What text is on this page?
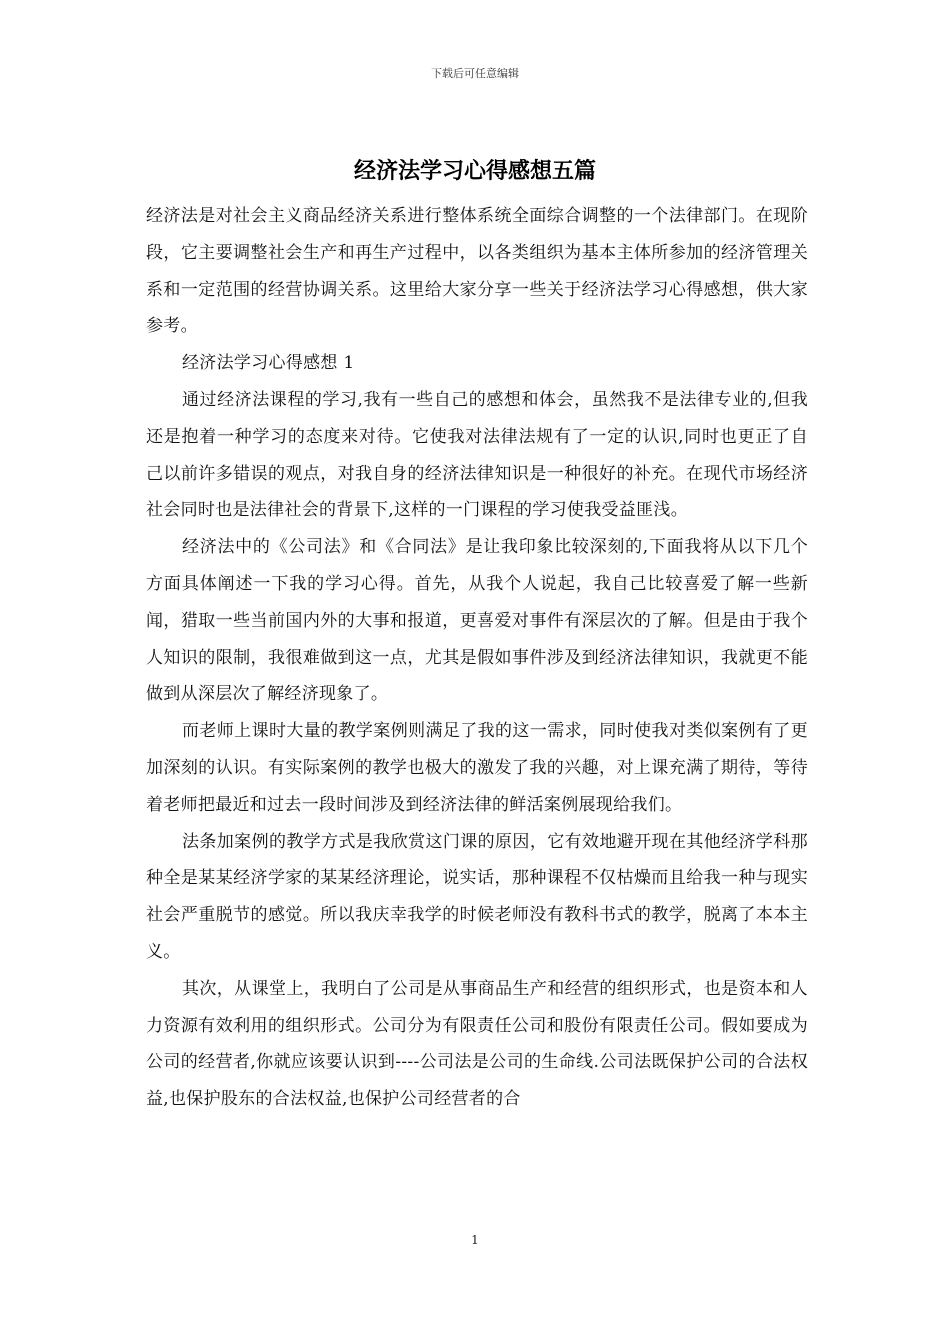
下载后可任意编辑
经济法学习心得感想五篇

经济法是对社会主义商品经济关系进行整体系统全面综合调整的一个法律部门。在现阶段，它主要调整社会生产和再生产过程中，以各类组织为基本主体所参加的经济管理关系和一定范围的经营协调关系。这里给大家分享一些关于经济法学习心得感想，供大家参考。

经济法学习心得感想 1

通过经济法课程的学习,我有一些自己的感想和体会，虽然我不是法律专业的,但我还是抱着一种学习的态度来对待。它使我对法律法规有了一定的认识,同时也更正了自己以前许多错误的观点，对我自身的经济法律知识是一种很好的补充。在现代市场经济社会同时也是法律社会的背景下,这样的一门课程的学习使我受益匪浅。

经济法中的《公司法》和《合同法》是让我印象比较深刻的,下面我将从以下几个方面具体阐述一下我的学习心得。首先，从我个人说起，我自己比较喜爱了解一些新闻，猎取一些当前国内外的大事和报道，更喜爱对事件有深层次的了解。但是由于我个人知识的限制，我很难做到这一点，尤其是假如事件涉及到经济法律知识，我就更不能做到从深层次了解经济现象了。

而老师上课时大量的教学案例则满足了我的这一需求，同时使我对类似案例有了更加深刻的认识。有实际案例的教学也极大的激发了我的兴趣，对上课充满了期待，等待着老师把最近和过去一段时间涉及到经济法律的鲜活案例展现给我们。

法条加案例的教学方式是我欣赏这门课的原因，它有效地避开现在其他经济学科那种全是某某经济学家的某某经济理论，说实话，那种课程不仅枯燥而且给我一种与现实社会严重脱节的感觉。所以我庆幸我学的时候老师没有教科书式的教学，脱离了本本主义。

其次，从课堂上，我明白了公司是从事商品生产和经营的组织形式，也是资本和人力资源有效利用的组织形式。公司分为有限责任公司和股份有限责任公司。假如要成为公司的经营者,你就应该要认识到----公司法是公司的生命线.公司法既保护公司的合法权益,也保护股东的合法权益,也保护公司经营者的合

1
